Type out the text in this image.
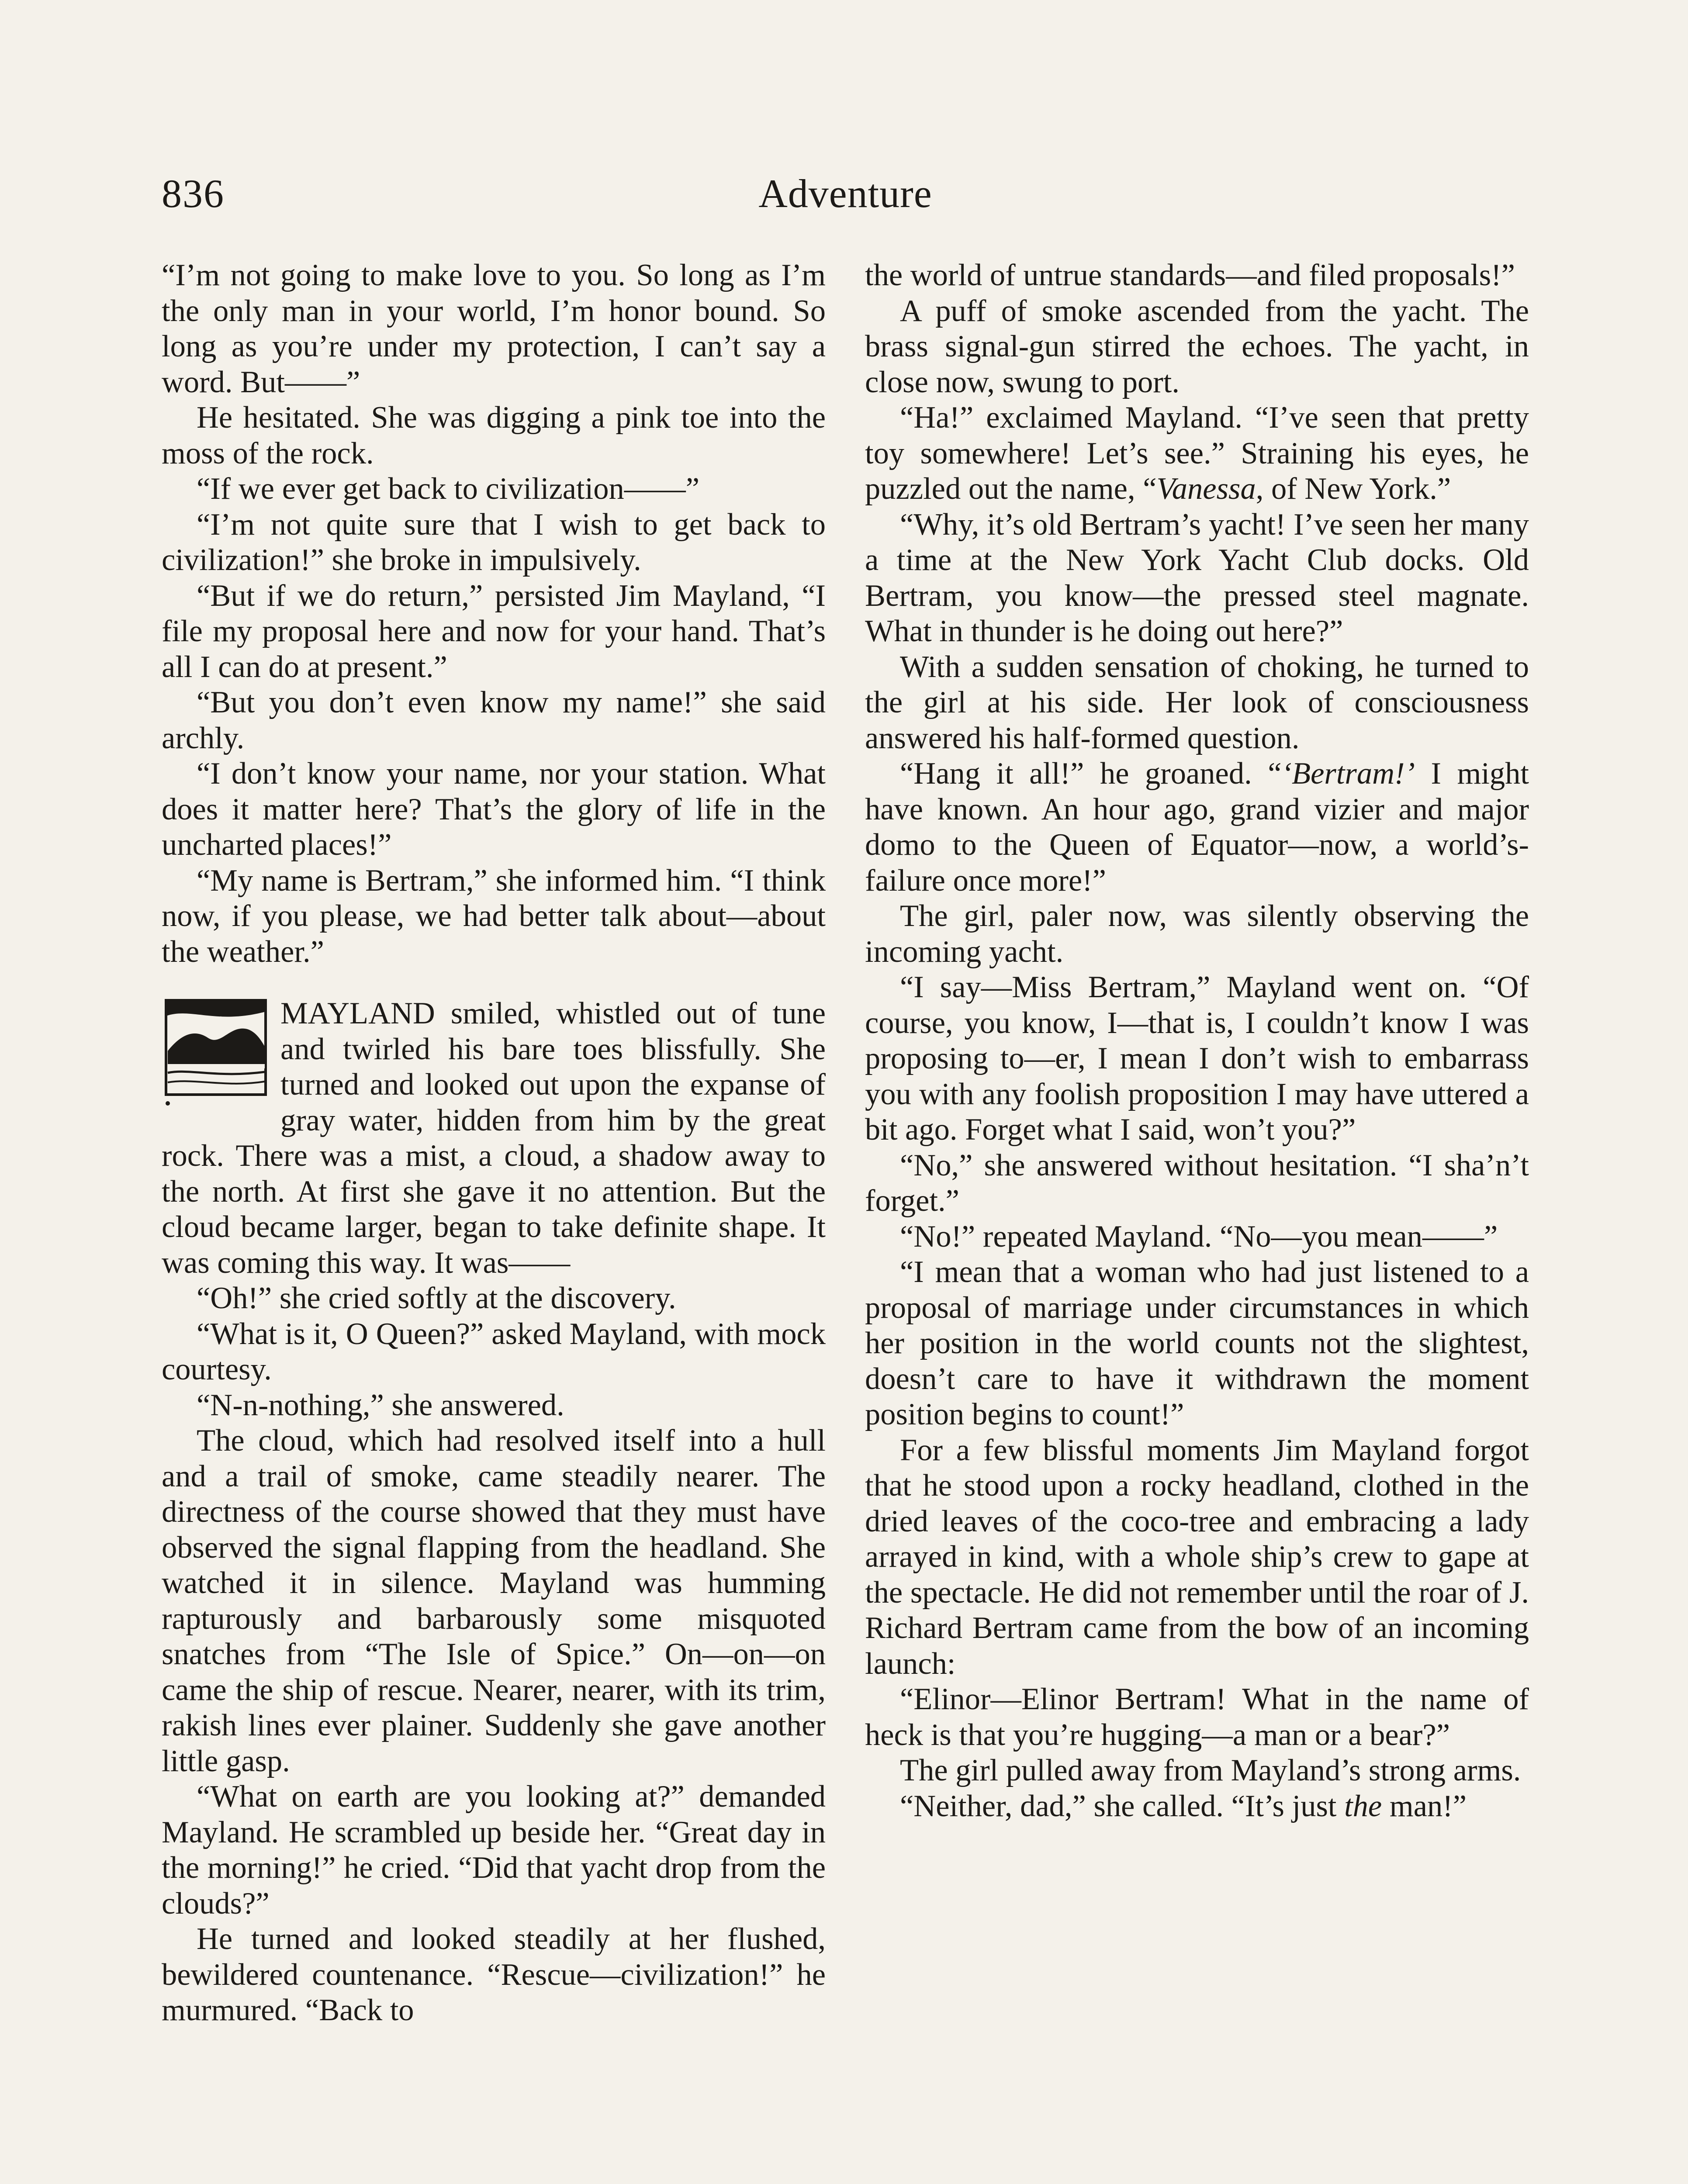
836	Adventure

“I’m not going to make love to you. So long as I’m the only man in your world, I’m honor bound. So long as you’re under my protection, I can’t say a word. But——”

He hesitated. She was digging a pink toe into the moss of the rock.

“If we ever get back to civilization——”

“I’m not quite sure that I wish to get back to civilization!” she broke in impulsively.

“But if we do return,” persisted Jim Mayland, “I file my proposal here and now for your hand. That’s all I can do at present.”

“But you don’t even know my name!” she said archly.

“I don’t know your name, nor your station. What does it matter here? That’s the glory of life in the uncharted places!”

“My name is Bertram,” she informed him. “I think now, if you please, we had better talk about—about the weather.”

MAYLAND smiled, whistled out of tune and twirled his bare toes blissfully. She turned and looked out upon the expanse of gray water, hidden from him by the great rock. There was a mist, a cloud, a shadow away to the north. At first she gave it no attention. But the cloud became larger, began to take definite shape. It was coming this way. It was——

“Oh!” she cried softly at the discovery.

“What is it, O Queen?” asked Mayland, with mock courtesy.

“N-n-nothing,” she answered.

The cloud, which had resolved itself into a hull and a trail of smoke, came steadily nearer. The directness of the course showed that they must have observed the signal flapping from the headland. She watched it in silence. Mayland was humming rapturously and barbarously some misquoted snatches from “The Isle of Spice.” On—on—on came the ship of rescue. Nearer, nearer, with its trim, rakish lines ever plainer. Suddenly she gave another little gasp.

“What on earth are you looking at?” demanded Mayland. He scrambled up beside her. “Great day in the morning!” he cried. “Did that yacht drop from the clouds?”

He turned and looked steadily at her flushed, bewildered countenance. “Rescue—civilization!” he murmured. “Back to

the world of untrue standards—and filed proposals!”

A puff of smoke ascended from the yacht. The brass signal-gun stirred the echoes. The yacht, in close now, swung to port.

“Ha!” exclaimed Mayland. “I’ve seen that pretty toy somewhere! Let’s see.” Straining his eyes, he puzzled out the name, “Vanessa, of New York.”

“Why, it’s old Bertram’s yacht! I’ve seen her many a time at the New York Yacht Club docks. Old Bertram, you know—the pressed steel magnate. What in thunder is he doing out here?”

With a sudden sensation of choking, he turned to the girl at his side. Her look of consciousness answered his half-formed question.

“Hang it all!” he groaned. “‘Bertram!’ I might have known. An hour ago, grand vizier and major domo to the Queen of Equator—now, a world’s-failure once more!”

The girl, paler now, was silently observing the incoming yacht.

“I say—Miss Bertram,” Mayland went on. “Of course, you know, I—that is, I couldn’t know I was proposing to—er, I mean I don’t wish to embarrass you with any foolish proposition I may have uttered a bit ago. Forget what I said, won’t you?”

“No,” she answered without hesitation. “I sha’n’t forget.”

“No!” repeated Mayland. “No—you mean——”

“I mean that a woman who had just listened to a proposal of marriage under circumstances in which her position in the world counts not the slightest, doesn’t care to have it withdrawn the moment position begins to count!”

For a few blissful moments Jim Mayland forgot that he stood upon a rocky headland, clothed in the dried leaves of the coco-tree and embracing a lady arrayed in kind, with a whole ship’s crew to gape at the spectacle. He did not remember until the roar of J. Richard Bertram came from the bow of an incoming launch:

“Elinor—Elinor Bertram! What in the name of heck is that you’re hugging—a man or a bear?”

The girl pulled away from Mayland’s strong arms.

“Neither, dad,” she called. “It’s just the man!”
